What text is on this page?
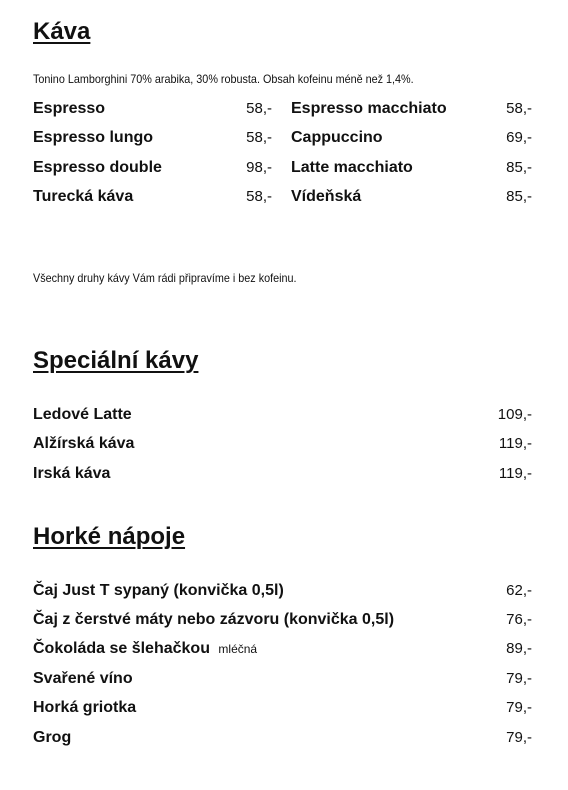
Káva
Tonino Lamborghini 70% arabika, 30% robusta. Obsah kofeinu méně než 1,4%.
Espresso	58,-
Espresso lungo	58,-
Espresso double	98,-
Turecká káva	58,-
Espresso macchiato	58,-
Cappuccino	69,-
Latte macchiato	85,-
Vídeňská	85,-
Všechny druhy kávy Vám rádi připravíme i bez kofeinu.
Speciální kávy
Ledové Latte	109,-
Alžírská káva	119,-
Irská káva	119,-
Horké nápoje
Čaj Just T sypaný (konvička 0,5l)	62,-
Čaj z čerstvé máty nebo zázvoru (konvička 0,5l)	76,-
Čokoláda se šlehačkou mléčná	89,-
Svařené víno	79,-
Horká griotka	79,-
Grog	79,-
